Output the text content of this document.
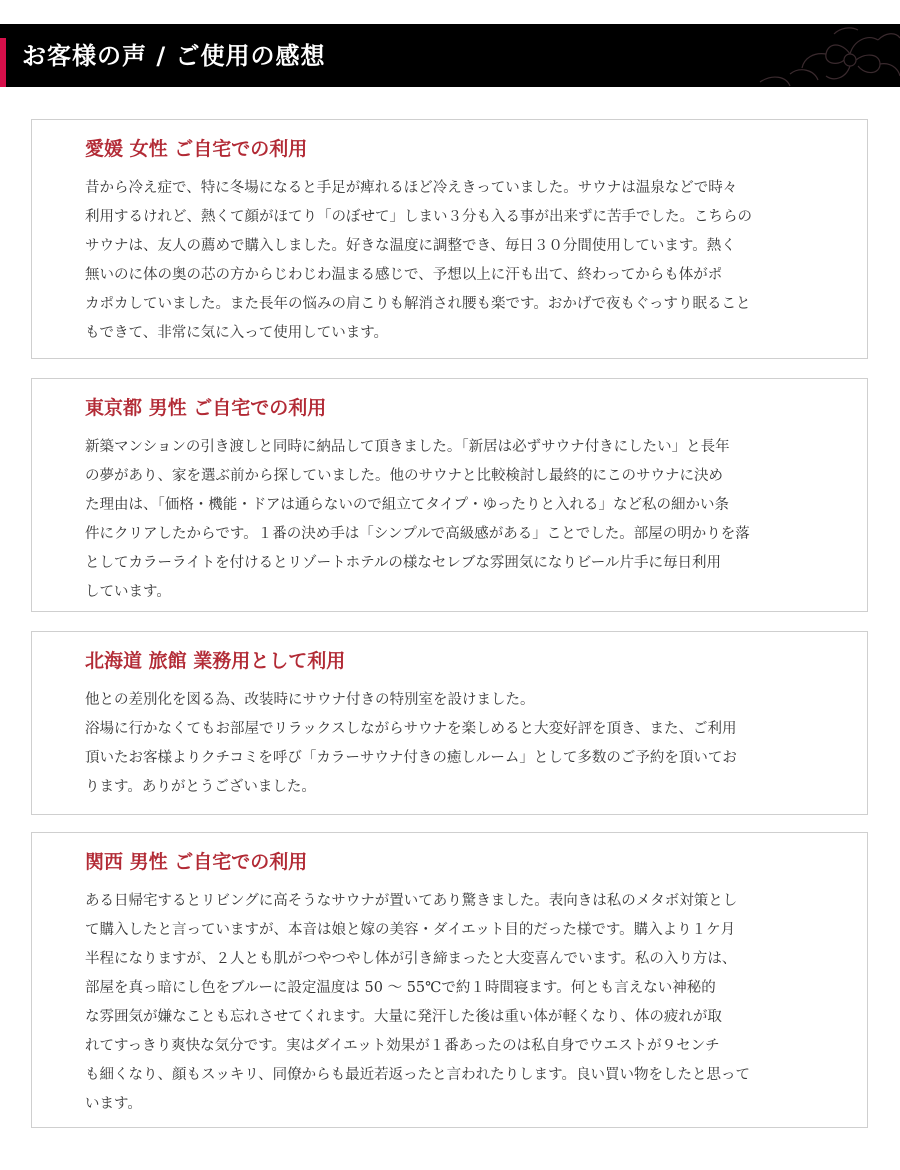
お客様の声 / ご使用の感想
愛媛 女性 ご自宅での利用
昔から冷え症で、特に冬場になると手足が痺れるほど冷えきっていました。サウナは温泉などで時々
利用するけれど、熱くて顔がほてり「のぼせて」しまい３分も入る事が出来ずに苦手でした。こちらの
サウナは、友人の薦めで購入しました。好きな温度に調整でき、毎日３０分間使用しています。熱く
無いのに体の奥の芯の方からじわじわ温まる感じで、予想以上に汗も出て、終わってからも体がポ
カポカしていました。また長年の悩みの肩こりも解消され腰も楽です。おかげで夜もぐっすり眠ること
もできて、非常に気に入って使用しています。
東京都 男性 ご自宅での利用
新築マンションの引き渡しと同時に納品して頂きました。「新居は必ずサウナ付きにしたい」と長年
の夢があり、家を選ぶ前から探していました。他のサウナと比較検討し最終的にこのサウナに決め
た理由は、「価格・機能・ドアは通らないので組立てタイプ・ゆったりと入れる」など私の細かい条
件にクリアしたからです。１番の決め手は「シンプルで高級感がある」ことでした。部屋の明かりを落
としてカラーライトを付けるとリゾートホテルの様なセレブな雰囲気になりビール片手に毎日利用
しています。
北海道 旅館 業務用として利用
他との差別化を図る為、改装時にサウナ付きの特別室を設けました。
浴場に行かなくてもお部屋でリラックスしながらサウナを楽しめると大変好評を頂き、また、ご利用
頂いたお客様よりクチコミを呼び「カラーサウナ付きの癒しルーム」として多数のご予約を頂いてお
ります。ありがとうございました。
関西 男性 ご自宅での利用
ある日帰宅するとリビングに高そうなサウナが置いてあり驚きました。表向きは私のメタボ対策とし
て購入したと言っていますが、本音は娘と嫁の美容・ダイエット目的だった様です。購入より１ケ月
半程になりますが、２人とも肌がつやつやし体が引き締まったと大変喜んでいます。私の入り方は、
部屋を真っ暗にし色をブルーに設定温度は 50 ～ 55℃で約１時間寝ます。何とも言えない神秘的
な雰囲気が嫌なことも忘れさせてくれます。大量に発汗した後は重い体が軽くなり、体の疲れが取
れてすっきり爽快な気分です。実はダイエット効果が１番あったのは私自身でウエストが９センチ
も細くなり、顔もスッキリ、同僚からも最近若返ったと言われたりします。良い買い物をしたと思って
います。
